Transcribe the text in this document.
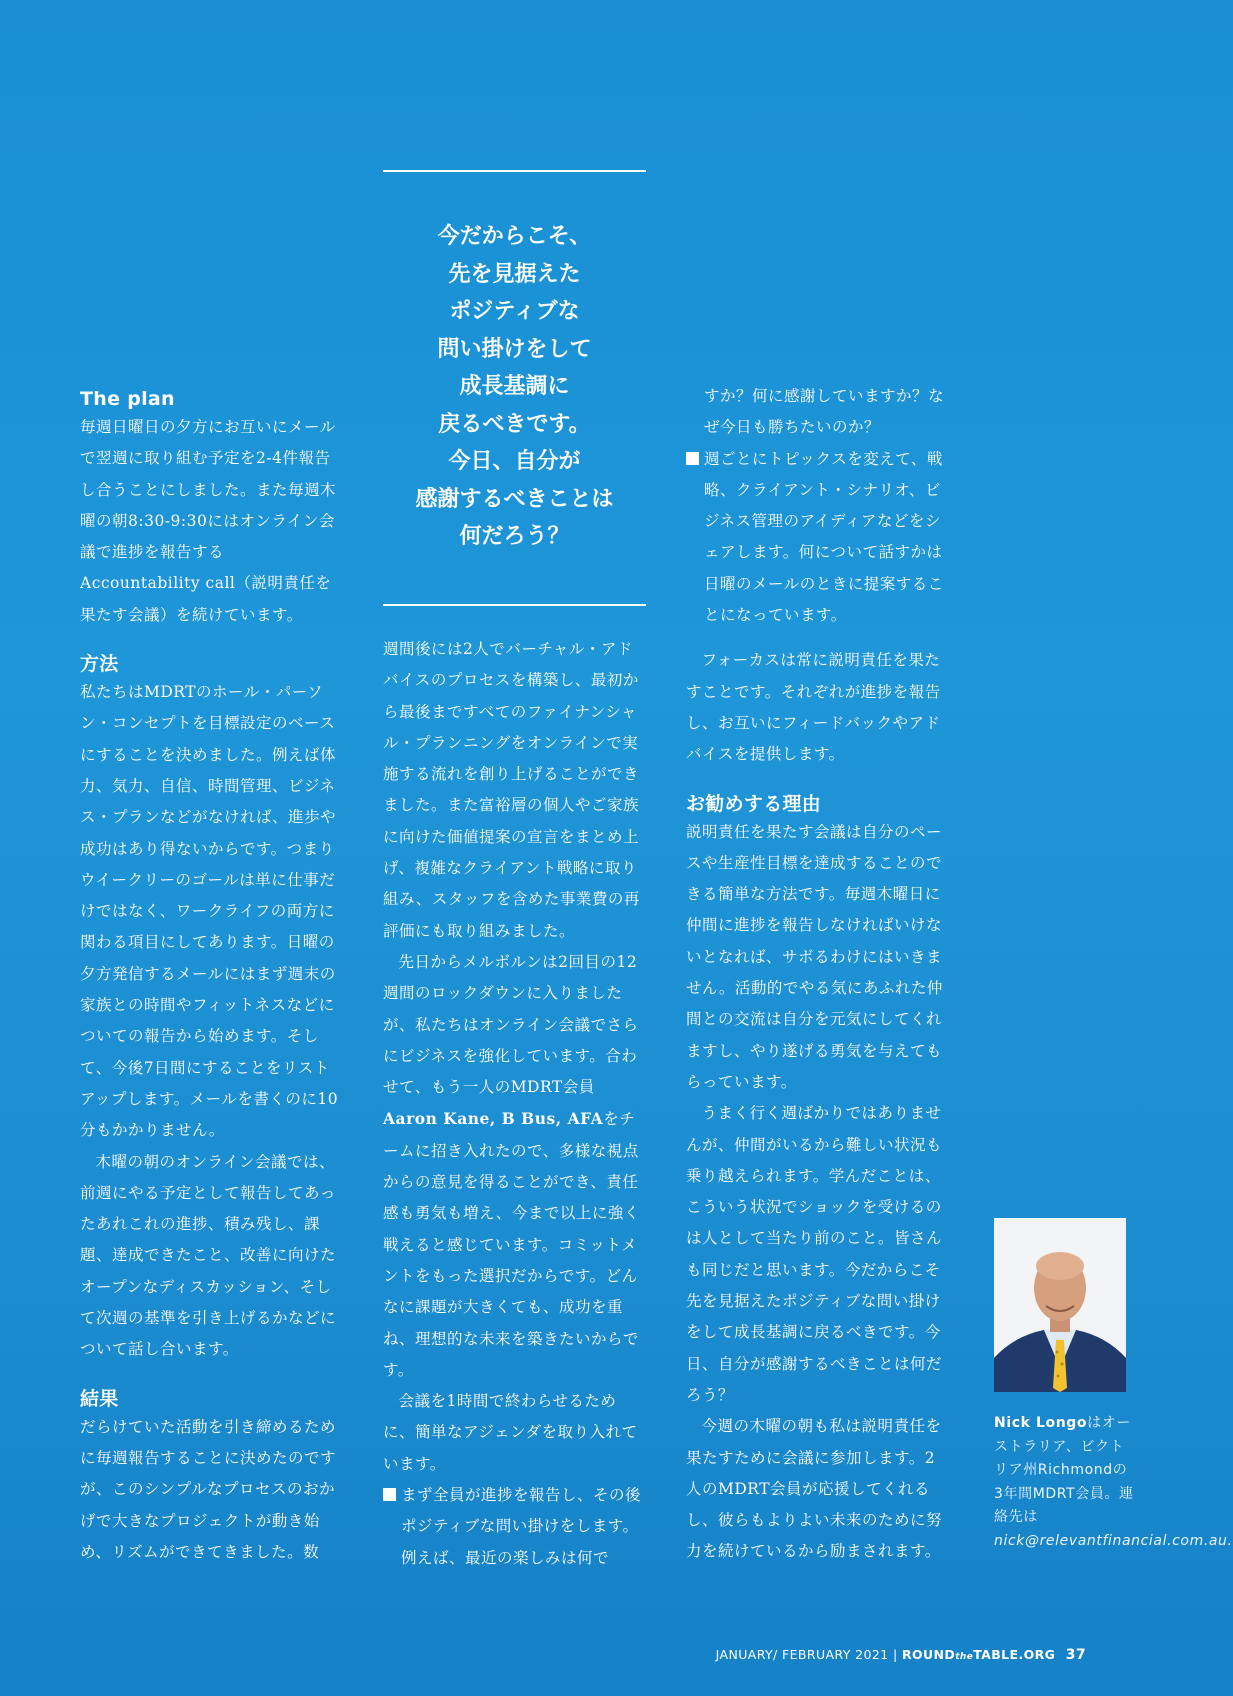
今だからこそ、
先を見据えた
ポジティブな
問い掛けをして
成長基調に
戻るべきです。
今日、自分が
感謝するべきことは
何だろう？
The plan

毎週日曜日の夕方にお互いにメールで翌週に取り組む予定を2-4件報告し合うことにしました。また毎週木曜の朝8:30-9:30にはオンライン会議で進捗を報告するAccountability call（説明責任を果たす会議）を続けています。

方法

私たちはMDRTのホール・パーソン・コンセプトを目標設定のベースにすることを決めました。例えば体力、気力、自信、時間管理、ビジネス・プランなどがなければ、進歩や成功はあり得ないからです。つまりウイークリーのゴールは単に仕事だけではなく、ワークライフの両方に関わる項目にしてあります。日曜の夕方発信するメールにはまず週末の家族との時間やフィットネスなどについての報告から始めます。そして、今後7日間にすることをリストアップします。メールを書くのに10分もかかりません。

木曜の朝のオンライン会議では、前週にやる予定として報告してあったあれこれの進捗、積み残し、課題、達成できたこと、改善に向けたオープンなディスカッション、そして次週の基準を引き上げるかなどについて話し合います。

結果

だらけていた活動を引き締めるために毎週報告することに決めたのですが、このシンプルなプロセスのおかげで大きなプロジェクトが動き始め、リズムができてきました。数

週間後には2人でバーチャル・アドバイスのプロセスを構築し、最初から最後まですべてのファイナンシャル・プランニングをオンラインで実施する流れを創り上げることができました。また富裕層の個人やご家族に向けた価値提案の宣言をまとめ上げ、複雑なクライアント戦略に取り組み、スタッフを含めた事業費の再評価にも取り組みました。

先日からメルボルンは2回目の12週間のロックダウンに入りましたが、私たちはオンライン会議でさらにビジネスを強化しています。合わせて、もう一人のMDRT会員Aaron Kane, B Bus, AFAをチームに招き入れたので、多様な視点からの意見を得ることができ、責任感も勇気も増え、今まで以上に強く戦えると感じています。コミットメントをもった選択だからです。どんなに課題が大きくても、成功を重ね、理想的な未来を築きたいからです。

会議を1時間で終わらせるために、簡単なアジェンダを取り入れています。

まず全員が進捗を報告し、その後ポジティブな問い掛けをします。例えば、最近の楽しみは何で

すか？何に感謝していますか？なぜ今日も勝ちたいのか？

週ごとにトピックスを変えて、戦略、クライアント・シナリオ、ビジネス管理のアイディアなどをシェアします。何について話すかは日曜のメールのときに提案することになっています。

フォーカスは常に説明責任を果たすことです。それぞれが進捗を報告し、お互いにフィードバックやアドバイスを提供します。

お勧めする理由

説明責任を果たす会議は自分のペースや生産性目標を達成することのできる簡単な方法です。毎週木曜日に仲間に進捗を報告しなければいけないとなれば、サボるわけにはいきません。活動的でやる気にあふれた仲間との交流は自分を元気にしてくれますし、やり遂げる勇気を与えてもらっています。

うまく行く週ばかりではありませんが、仲間がいるから難しい状況も乗り越えられます。学んだことは、こういう状況でショックを受けるのは人として当たり前のこと。皆さんも同じだと思います。今だからこそ先を見据えたポジティブな問い掛けをして成長基調に戻るべきです。今日、自分が感謝するべきことは何だろう？

今週の木曜の朝も私は説明責任を果たすために会議に参加します。2人のMDRT会員が応援してくれるし、彼らもよりよい未来のために努力を続けているから励まされます。

Nick Longoはオーストラリア、ビクトリア州Richmondの3年間MDRT会員。連絡先はnick@relevantfinancial.com.au.
JANUARY/ FEBRUARY 2021 | ROUNDtheTABLE.ORG 37
